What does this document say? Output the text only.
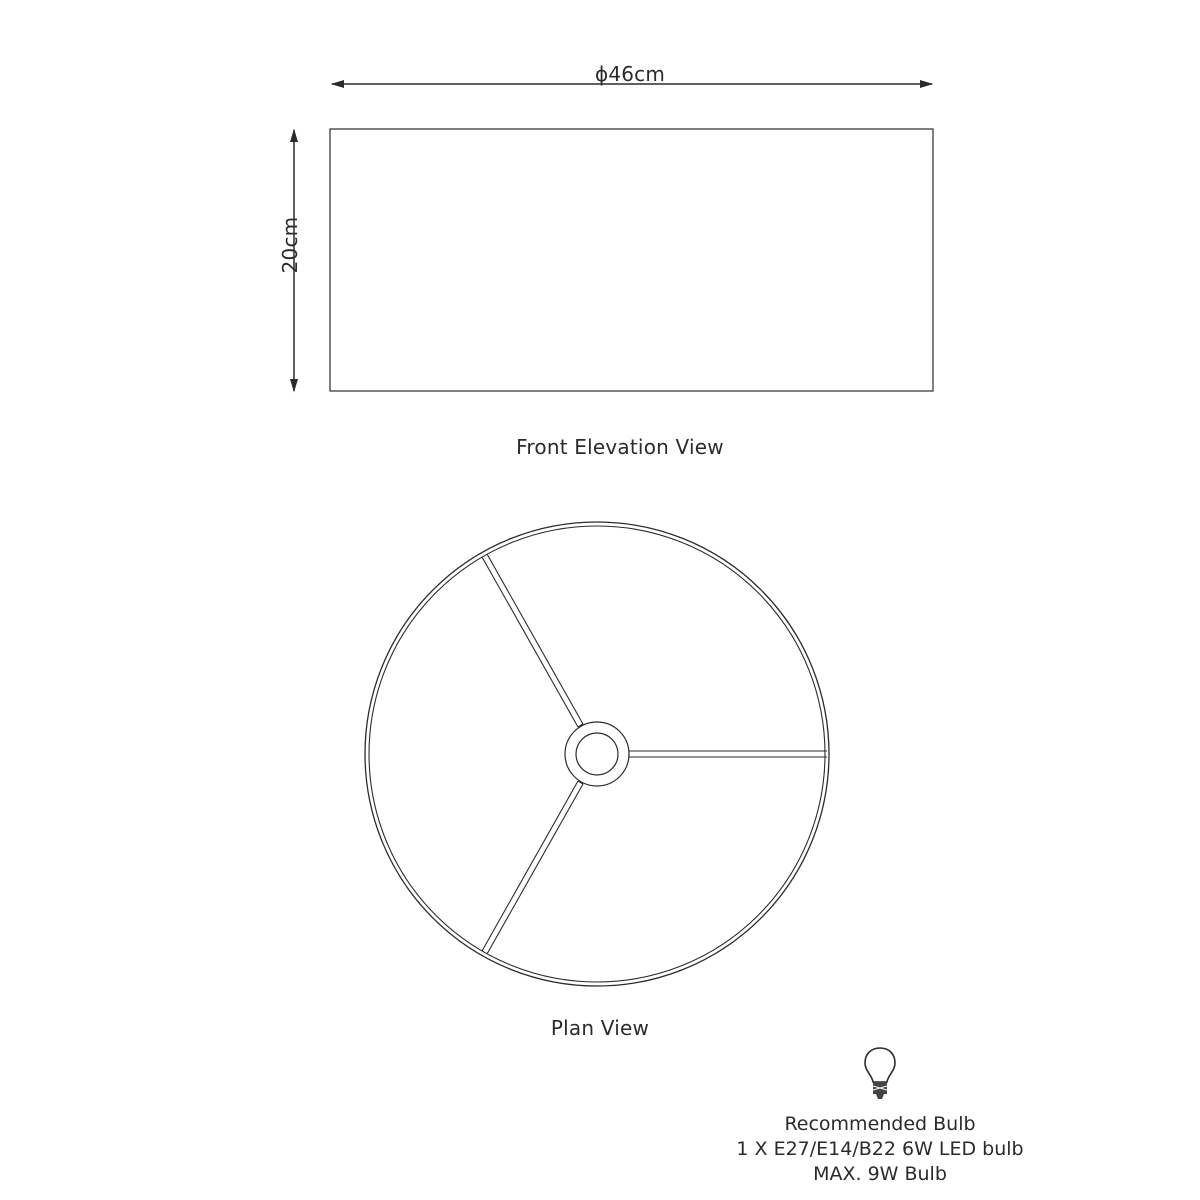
ϕ46cm
20cm
Front Elevation View
Plan View
Recommended Bulb
1 X E27/E14/B22 6W LED bulb
MAX. 9W Bulb
